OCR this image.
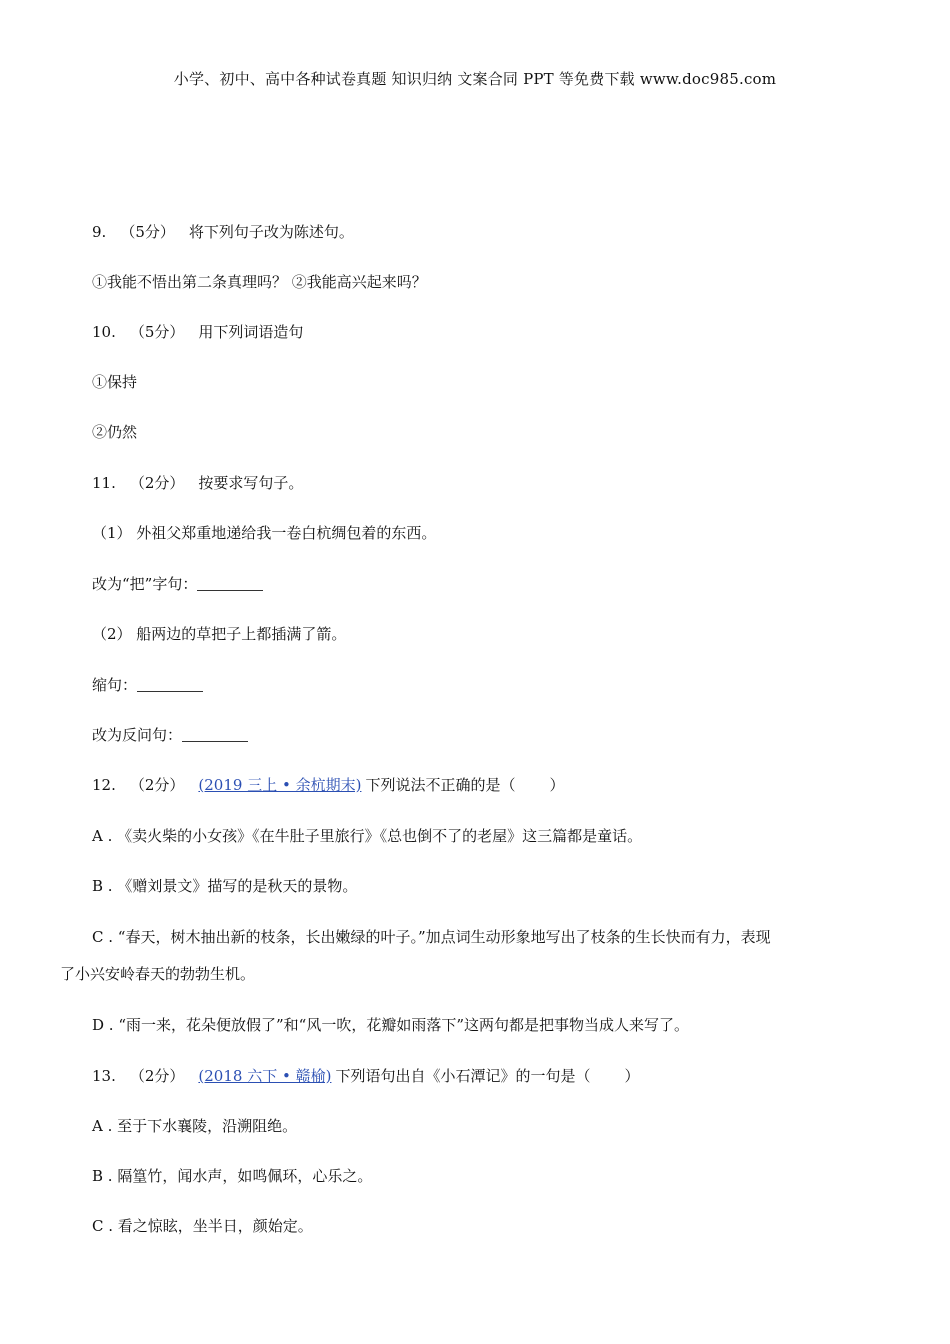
小学、初中、高中各种试卷真题 知识归纳 文案合同 PPT 等免费下载 www.doc985.com
9. （5分） 将下列句子改为陈述句。
①我能不悟出第二条真理吗？ ②我能高兴起来吗？
10. （5分） 用下列词语造句
①保持
②仍然
11. （2分） 按要求写句子。
（1） 外祖父郑重地递给我一卷白杭绸包着的东西。
改为“把”字句：
（2） 船两边的草把子上都插满了箭。
缩句：
改为反问句：
12. （2分） (2019 三上 • 余杭期末) 下列说法不正确的是（ ）
A . 《卖火柴的小女孩》《在牛肚子里旅行》《总也倒不了的老屋》这三篇都是童话。
B . 《赠刘景文》描写的是秋天的景物。
C . “春天，树木抽出新的枝条，长出嫩绿的叶子。”加点词生动形象地写出了枝条的生长快而有力，表现
了小兴安岭春天的勃勃生机。
D . “雨一来，花朵便放假了”和“风一吹，花瓣如雨落下”这两句都是把事物当成人来写了。
13. （2分） (2018 六下 • 赣榆) 下列语句出自《小石潭记》的一句是（ ）
A . 至于下水襄陵，沿溯阻绝。
B . 隔篁竹，闻水声，如鸣佩环，心乐之。
C . 看之惊眩，坐半日，颜始定。
